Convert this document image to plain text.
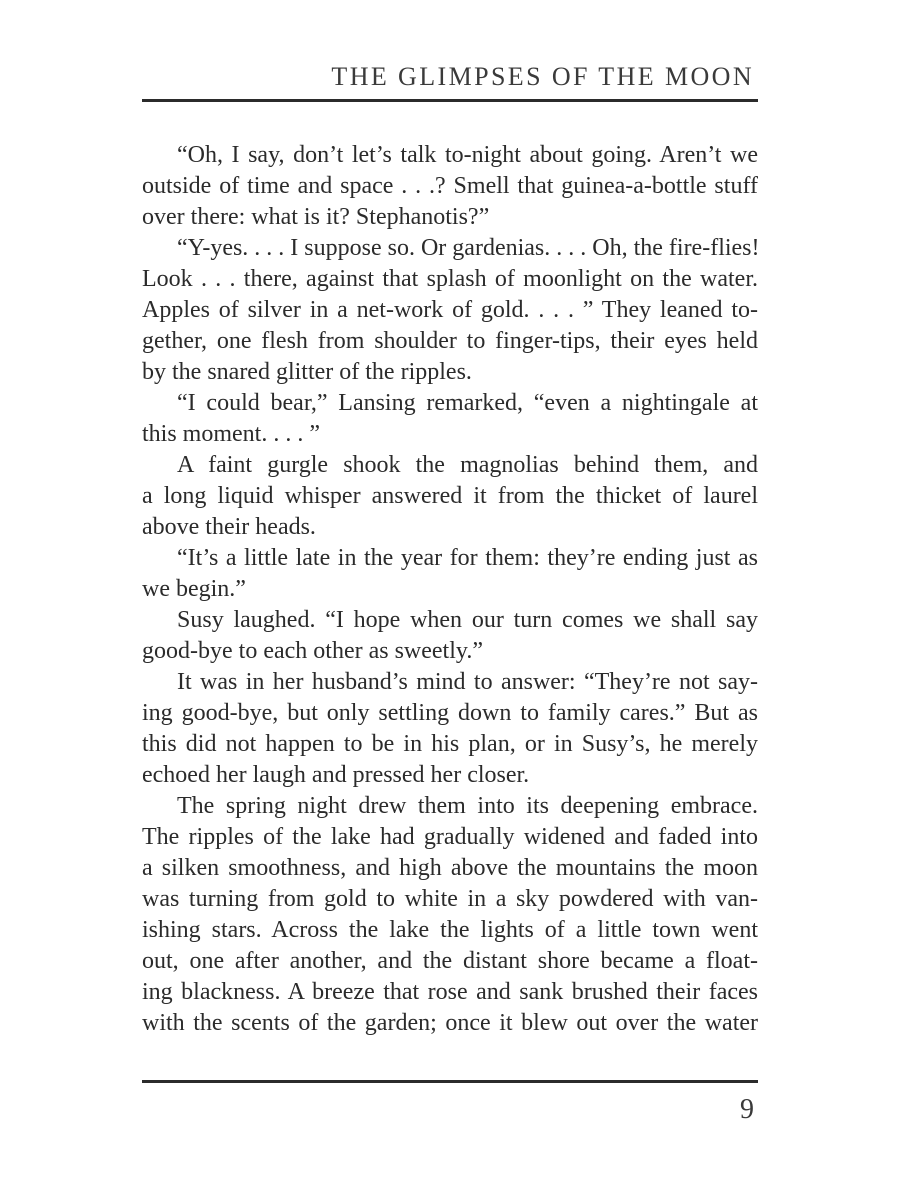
THE GLIMPSES OF THE MOON

“Oh, I say, don’t let’s talk to-night about going. Aren’t we
outside of time and space . . .? Smell that guinea-a-bottle stuff
over there: what is it? Stephanotis?”

“Y-yes. . . . I suppose so. Or gardenias. . . . Oh, the fire-flies!
Look . . . there, against that splash of moonlight on the water.
Apples of silver in a net-work of gold. . . . ” They leaned to-
gether, one flesh from shoulder to finger-tips, their eyes held
by the snared glitter of the ripples.

“I could bear,” Lansing remarked, “even a nightingale at
this moment. . . . ”

A faint gurgle shook the magnolias behind them, and
a long liquid whisper answered it from the thicket of laurel
above their heads.

“It’s a little late in the year for them: they’re ending just as
we begin.”

Susy laughed. “I hope when our turn comes we shall say
good-bye to each other as sweetly.”

It was in her husband’s mind to answer: “They’re not say-
ing good-bye, but only settling down to family cares.” But as
this did not happen to be in his plan, or in Susy’s, he merely
echoed her laugh and pressed her closer.

The spring night drew them into its deepening embrace.
The ripples of the lake had gradually widened and faded into
a silken smoothness, and high above the mountains the moon
was turning from gold to white in a sky powdered with van-
ishing stars. Across the lake the lights of a little town went
out, one after another, and the distant shore became a float-
ing blackness. A breeze that rose and sank brushed their faces
with the scents of the garden; once it blew out over the water

9
